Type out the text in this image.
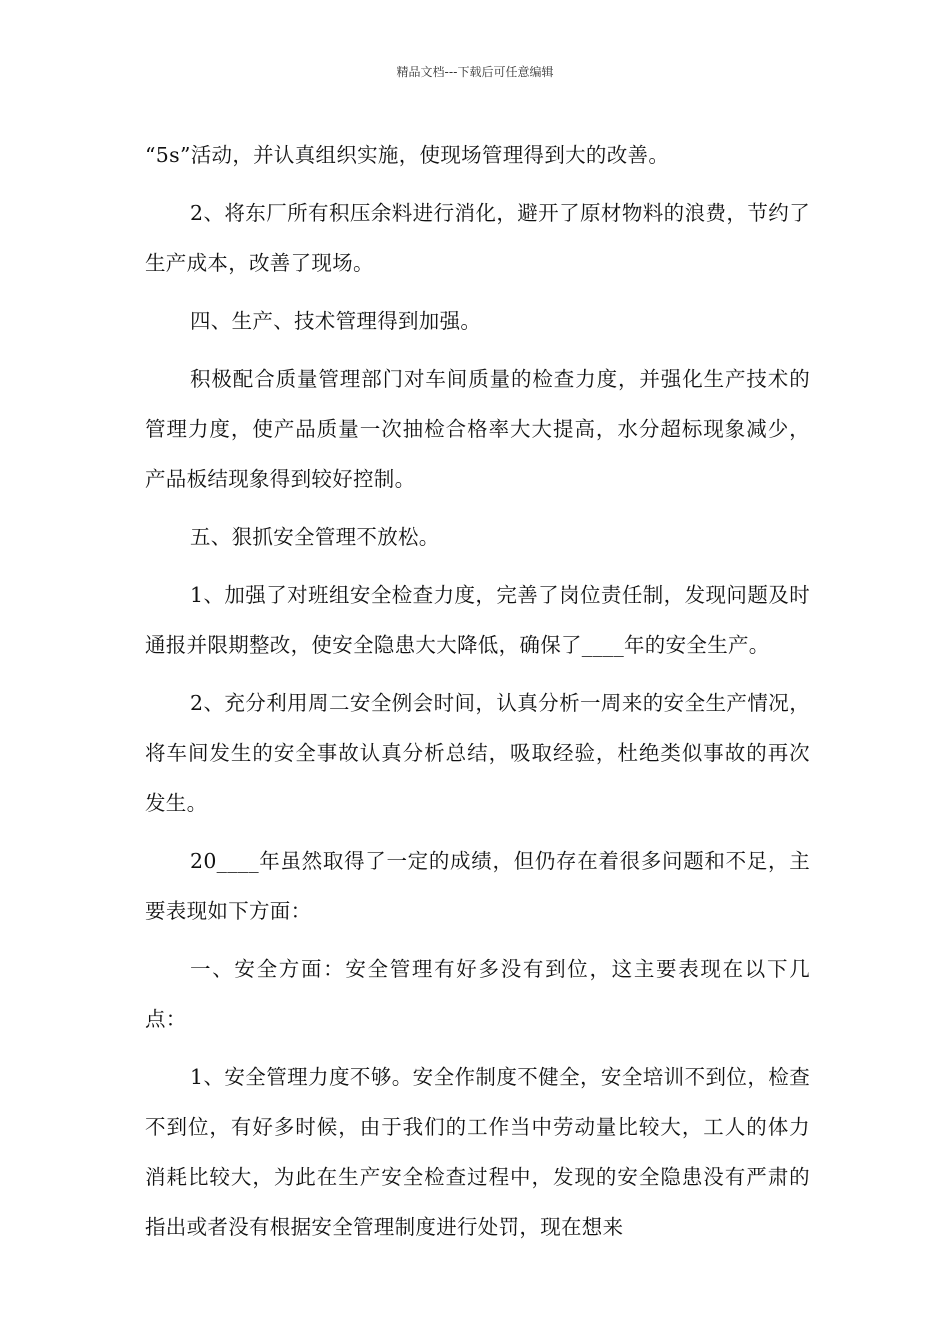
精品文档---下载后可任意编辑

“5s”活动，并认真组织实施，使现场管理得到大的改善。

2、将东厂所有积压余料进行消化，避开了原材物料的浪费，节约了生产成本，改善了现场。

四、生产、技术管理得到加强。

积极配合质量管理部门对车间质量的检查力度，并强化生产技术的管理力度，使产品质量一次抽检合格率大大提高，水分超标现象减少，产品板结现象得到较好控制。

五、狠抓安全管理不放松。

1、加强了对班组安全检查力度，完善了岗位责任制，发现问题及时通报并限期整改，使安全隐患大大降低，确保了____年的安全生产。

2、充分利用周二安全例会时间，认真分析一周来的安全生产情况，将车间发生的安全事故认真分析总结，吸取经验，杜绝类似事故的再次发生。

20____年虽然取得了一定的成绩，但仍存在着很多问题和不足，主要表现如下方面：

一、安全方面：安全管理有好多没有到位，这主要表现在以下几点：

1、安全管理力度不够。安全作制度不健全，安全培训不到位，检查不到位，有好多时候，由于我们的工作当中劳动量比较大，工人的体力消耗比较大，为此在生产安全检查过程中，发现的安全隐患没有严肃的指出或者没有根据安全管理制度进行处罚，现在想来
